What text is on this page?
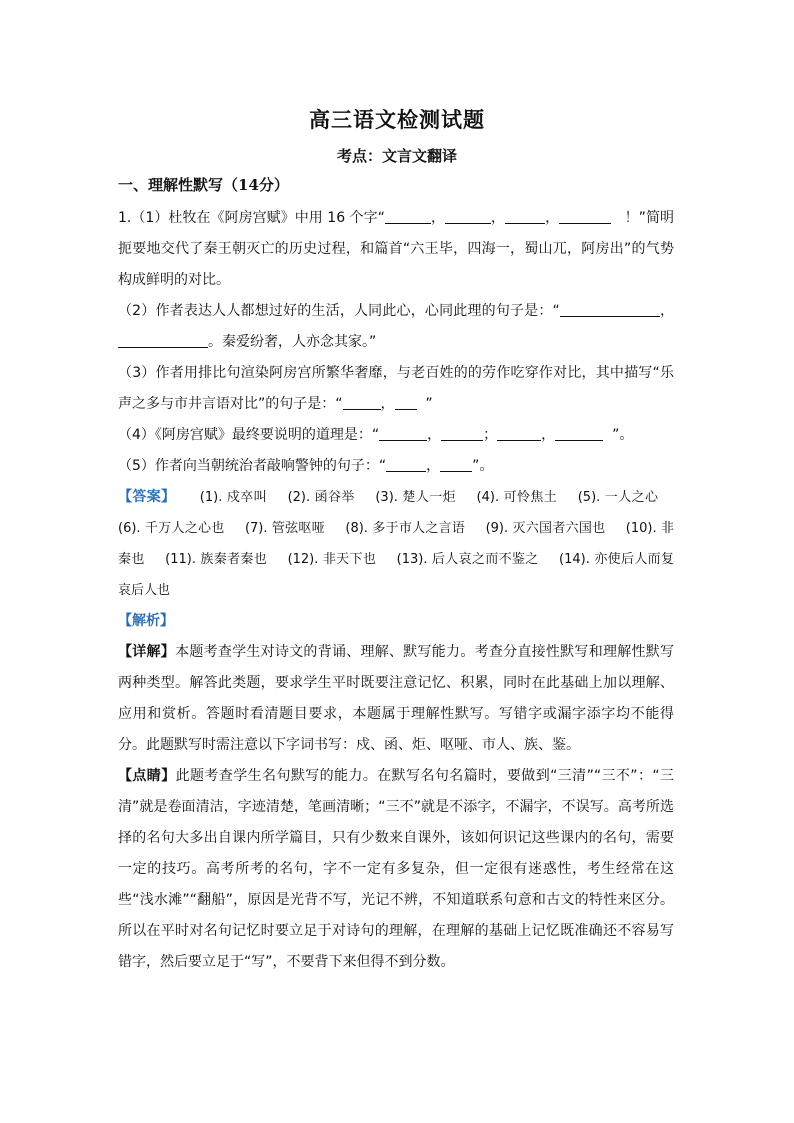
高三语文检测试题
考点：文言文翻译
一、理解性默写（14分）

1.（1）杜牧在《阿房宫赋》中用 16 个字“	，	，	，	！”简明扼要地交代了秦王朝灭亡的历史过程，和篇首“六王毕，四海一，蜀山兀，阿房出”的气势构成鲜明的对比。

（2）作者表达人人都想过好的生活，人同此心，心同此理的句子是：“	，。秦爱纷奢，人亦念其家。”

（3）作者用排比句渲染阿房宫所繁华奢靡，与老百姓的的劳作吃穿作对比，其中描写“乐声之多与市井言语对比”的句子是：“	， ”

（4）《阿房宫赋》最终要说明的道理是：“	，	；	，	”。

（5）作者向当朝统治者敲响警钟的句子：“	， ”。

【答案】 (1). 戍卒叫 (2). 函谷举 (3). 楚人一炬 (4). 可怜焦土 (5). 一人之心 (6). 千万人之心也 (7). 管弦呕哑 (8). 多于市人之言语 (9). 灭六国者六国也 (10). 非秦也 (11). 族秦者秦也 (12). 非天下也 (13). 后人哀之而不鉴之 (14). 亦使后人而复哀后人也

【解析】

【详解】本题考查学生对诗文的背诵、理解、默写能力。考查分直接性默写和理解性默写两种类型。解答此类题，要求学生平时既要注意记忆、积累，同时在此基础上加以理解、应用和赏析。答题时看清题目要求，本题属于理解性默写。写错字或漏字添字均不能得分。此题默写时需注意以下字词书写：戍、函、炬、呕哑、市人、族、鉴。

【点睛】此题考查学生名句默写的能力。在默写名句名篇时，要做到“三清”“三不”：“三清”就是卷面清洁，字迹清楚，笔画清晰；“三不”就是不添字，不漏字，不误写。高考所选择的名句大多出自课内所学篇目，只有少数来自课外，该如何识记这些课内的名句，需要一定的技巧。高考所考的名句，字不一定有多复杂，但一定很有迷惑性，考生经常在这些“浅水滩”“翻船”，原因是光背不写，光记不辨，不知道联系句意和古文的特性来区分。所以在平时对名句记忆时要立足于对诗句的理解，在理解的基础上记忆既准确还不容易写错字，然后要立足于“写”，不要背下来但得不到分数。
